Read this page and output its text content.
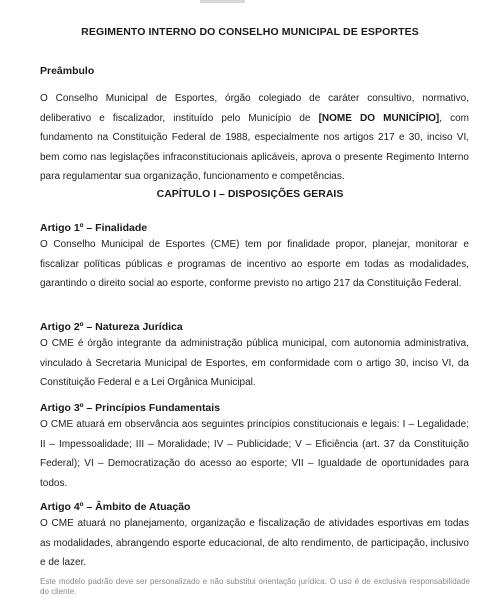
REGIMENTO INTERNO DO CONSELHO MUNICIPAL DE ESPORTES
Preâmbulo
O Conselho Municipal de Esportes, órgão colegiado de caráter consultivo, normativo, deliberativo e fiscalizador, instituído pelo Município de [NOME DO MUNICÍPIO], com fundamento na Constituição Federal de 1988, especialmente nos artigos 217 e 30, inciso VI, bem como nas legislações infraconstitucionais aplicáveis, aprova o presente Regimento Interno para regulamentar sua organização, funcionamento e competências.
CAPÍTULO I – DISPOSIÇÕES GERAIS
Artigo 1º – Finalidade
O Conselho Municipal de Esportes (CME) tem por finalidade propor, planejar, monitorar e fiscalizar políticas públicas e programas de incentivo ao esporte em todas as modalidades, garantindo o direito social ao esporte, conforme previsto no artigo 217 da Constituição Federal.
Artigo 2º – Natureza Jurídica
O CME é órgão integrante da administração pública municipal, com autonomia administrativa, vinculado à Secretaria Municipal de Esportes, em conformidade com o artigo 30, inciso VI, da Constituição Federal e a Lei Orgânica Municipal.
Artigo 3º – Princípios Fundamentais
O CME atuará em observância aos seguintes princípios constitucionais e legais: I – Legalidade; II – Impessoalidade; III – Moralidade; IV – Publicidade; V – Eficiência (art. 37 da Constituição Federal); VI – Democratização do acesso ao esporte; VII – Igualdade de oportunidades para todos.
Artigo 4º – Âmbito de Atuação
O CME atuará no planejamento, organização e fiscalização de atividades esportivas em todas as modalidades, abrangendo esporte educacional, de alto rendimento, de participação, inclusivo e de lazer.
Este modelo padrão deve ser personalizado e não substitui orientação jurídica. O uso é de exclusiva responsabilidade do cliente.
